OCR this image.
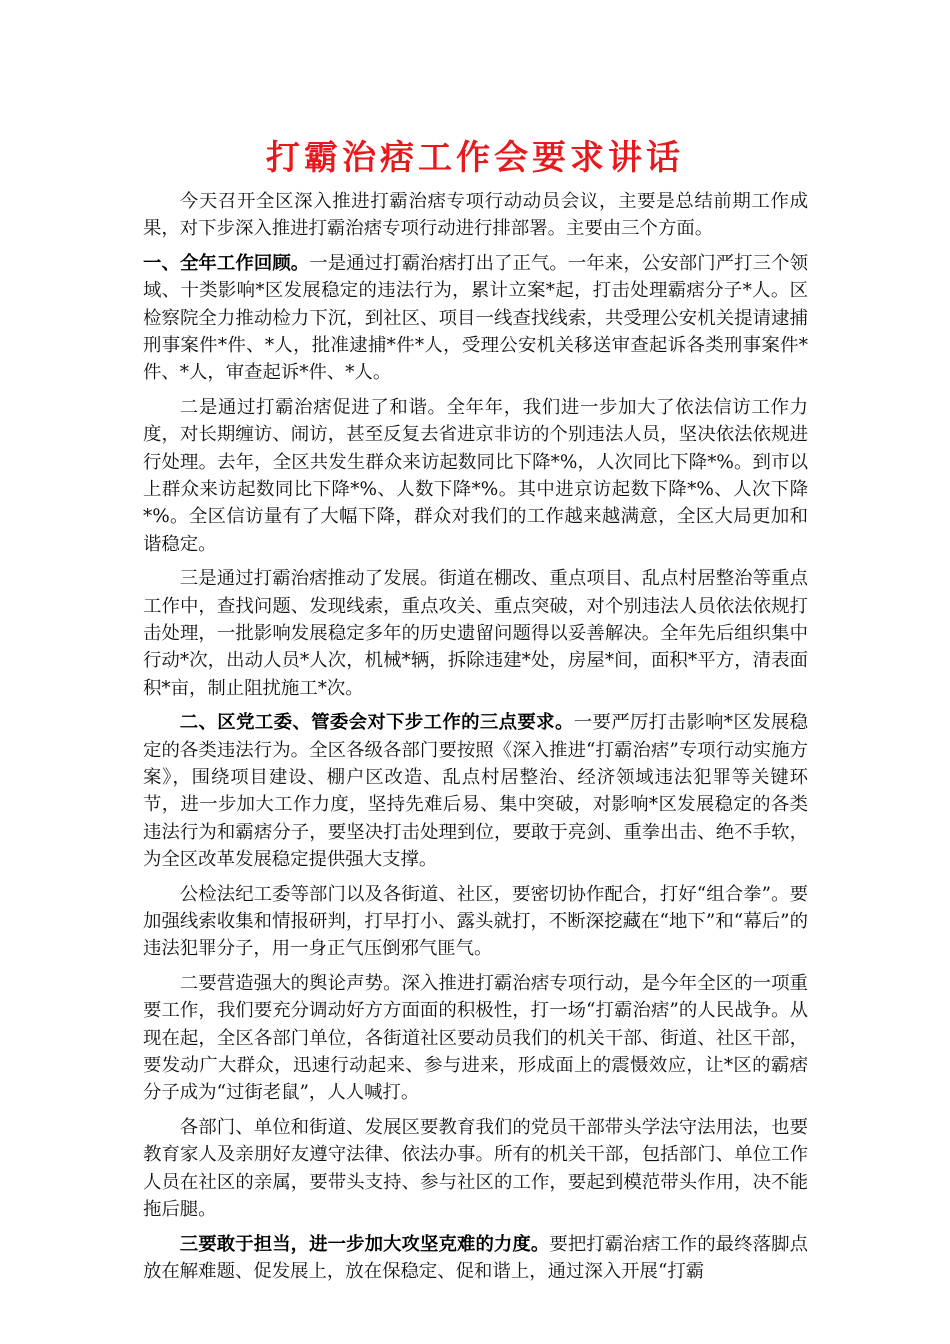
打霸治痞工作会要求讲话

今天召开全区深入推进打霸治痞专项行动动员会议，主要是总结前期工作成果，对下步深入推进打霸治痞专项行动进行排部署。主要由三个方面。

一、全年工作回顾。一是通过打霸治痞打出了正气。一年来，公安部门严打三个领域、十类影响*区发展稳定的违法行为，累计立案*起，打击处理霸痞分子*人。区检察院全力推动检力下沉，到社区、项目一线查找线索，共受理公安机关提请逮捕刑事案件*件、*人，批准逮捕*件*人，受理公安机关移送审查起诉各类刑事案件*件、*人，审查起诉*件、*人。

二是通过打霸治痞促进了和谐。全年年，我们进一步加大了依法信访工作力度，对长期缠访、闹访，甚至反复去省进京非访的个别违法人员，坚决依法依规进行处理。去年，全区共发生群众来访起数同比下降*%，人次同比下降*%。到市以上群众来访起数同比下降*%、人数下降*%。其中进京访起数下降*%、人次下降*%。全区信访量有了大幅下降，群众对我们的工作越来越满意，全区大局更加和谐稳定。

三是通过打霸治痞推动了发展。街道在棚改、重点项目、乱点村居整治等重点工作中，查找问题、发现线索，重点攻关、重点突破，对个别违法人员依法依规打击处理，一批影响发展稳定多年的历史遗留问题得以妥善解决。全年先后组织集中行动*次，出动人员*人次，机械*辆，拆除违建*处，房屋*间，面积*平方，清表面积*亩，制止阻扰施工*次。

二、区党工委、管委会对下步工作的三点要求。一要严厉打击影响*区发展稳定的各类违法行为。全区各级各部门要按照《深入推进“打霸治痞”专项行动实施方案》，围绕项目建设、棚户区改造、乱点村居整治、经济领域违法犯罪等关键环节，进一步加大工作力度，坚持先难后易、集中突破，对影响*区发展稳定的各类违法行为和霸痞分子，要坚决打击处理到位，要敢于亮剑、重拳出击、绝不手软，为全区改革发展稳定提供强大支撑。

公检法纪工委等部门以及各街道、社区，要密切协作配合，打好“组合拳”。要加强线索收集和情报研判，打早打小、露头就打，不断深挖藏在“地下”和“幕后”的违法犯罪分子，用一身正气压倒邪气匪气。

二要营造强大的舆论声势。深入推进打霸治痞专项行动，是今年全区的一项重要工作，我们要充分调动好方方面面的积极性，打一场“打霸治痞”的人民战争。从现在起，全区各部门单位，各街道社区要动员我们的机关干部、街道、社区干部，要发动广大群众，迅速行动起来、参与进来，形成面上的震慑效应，让*区的霸痞分子成为“过街老鼠”，人人喊打。

各部门、单位和街道、发展区要教育我们的党员干部带头学法守法用法，也要教育家人及亲朋好友遵守法律、依法办事。所有的机关干部，包括部门、单位工作人员在社区的亲属，要带头支持、参与社区的工作，要起到模范带头作用，决不能拖后腿。

三要敢于担当，进一步加大攻坚克难的力度。要把打霸治痞工作的最终落脚点放在解难题、促发展上，放在保稳定、促和谐上，通过深入开展“打霸
